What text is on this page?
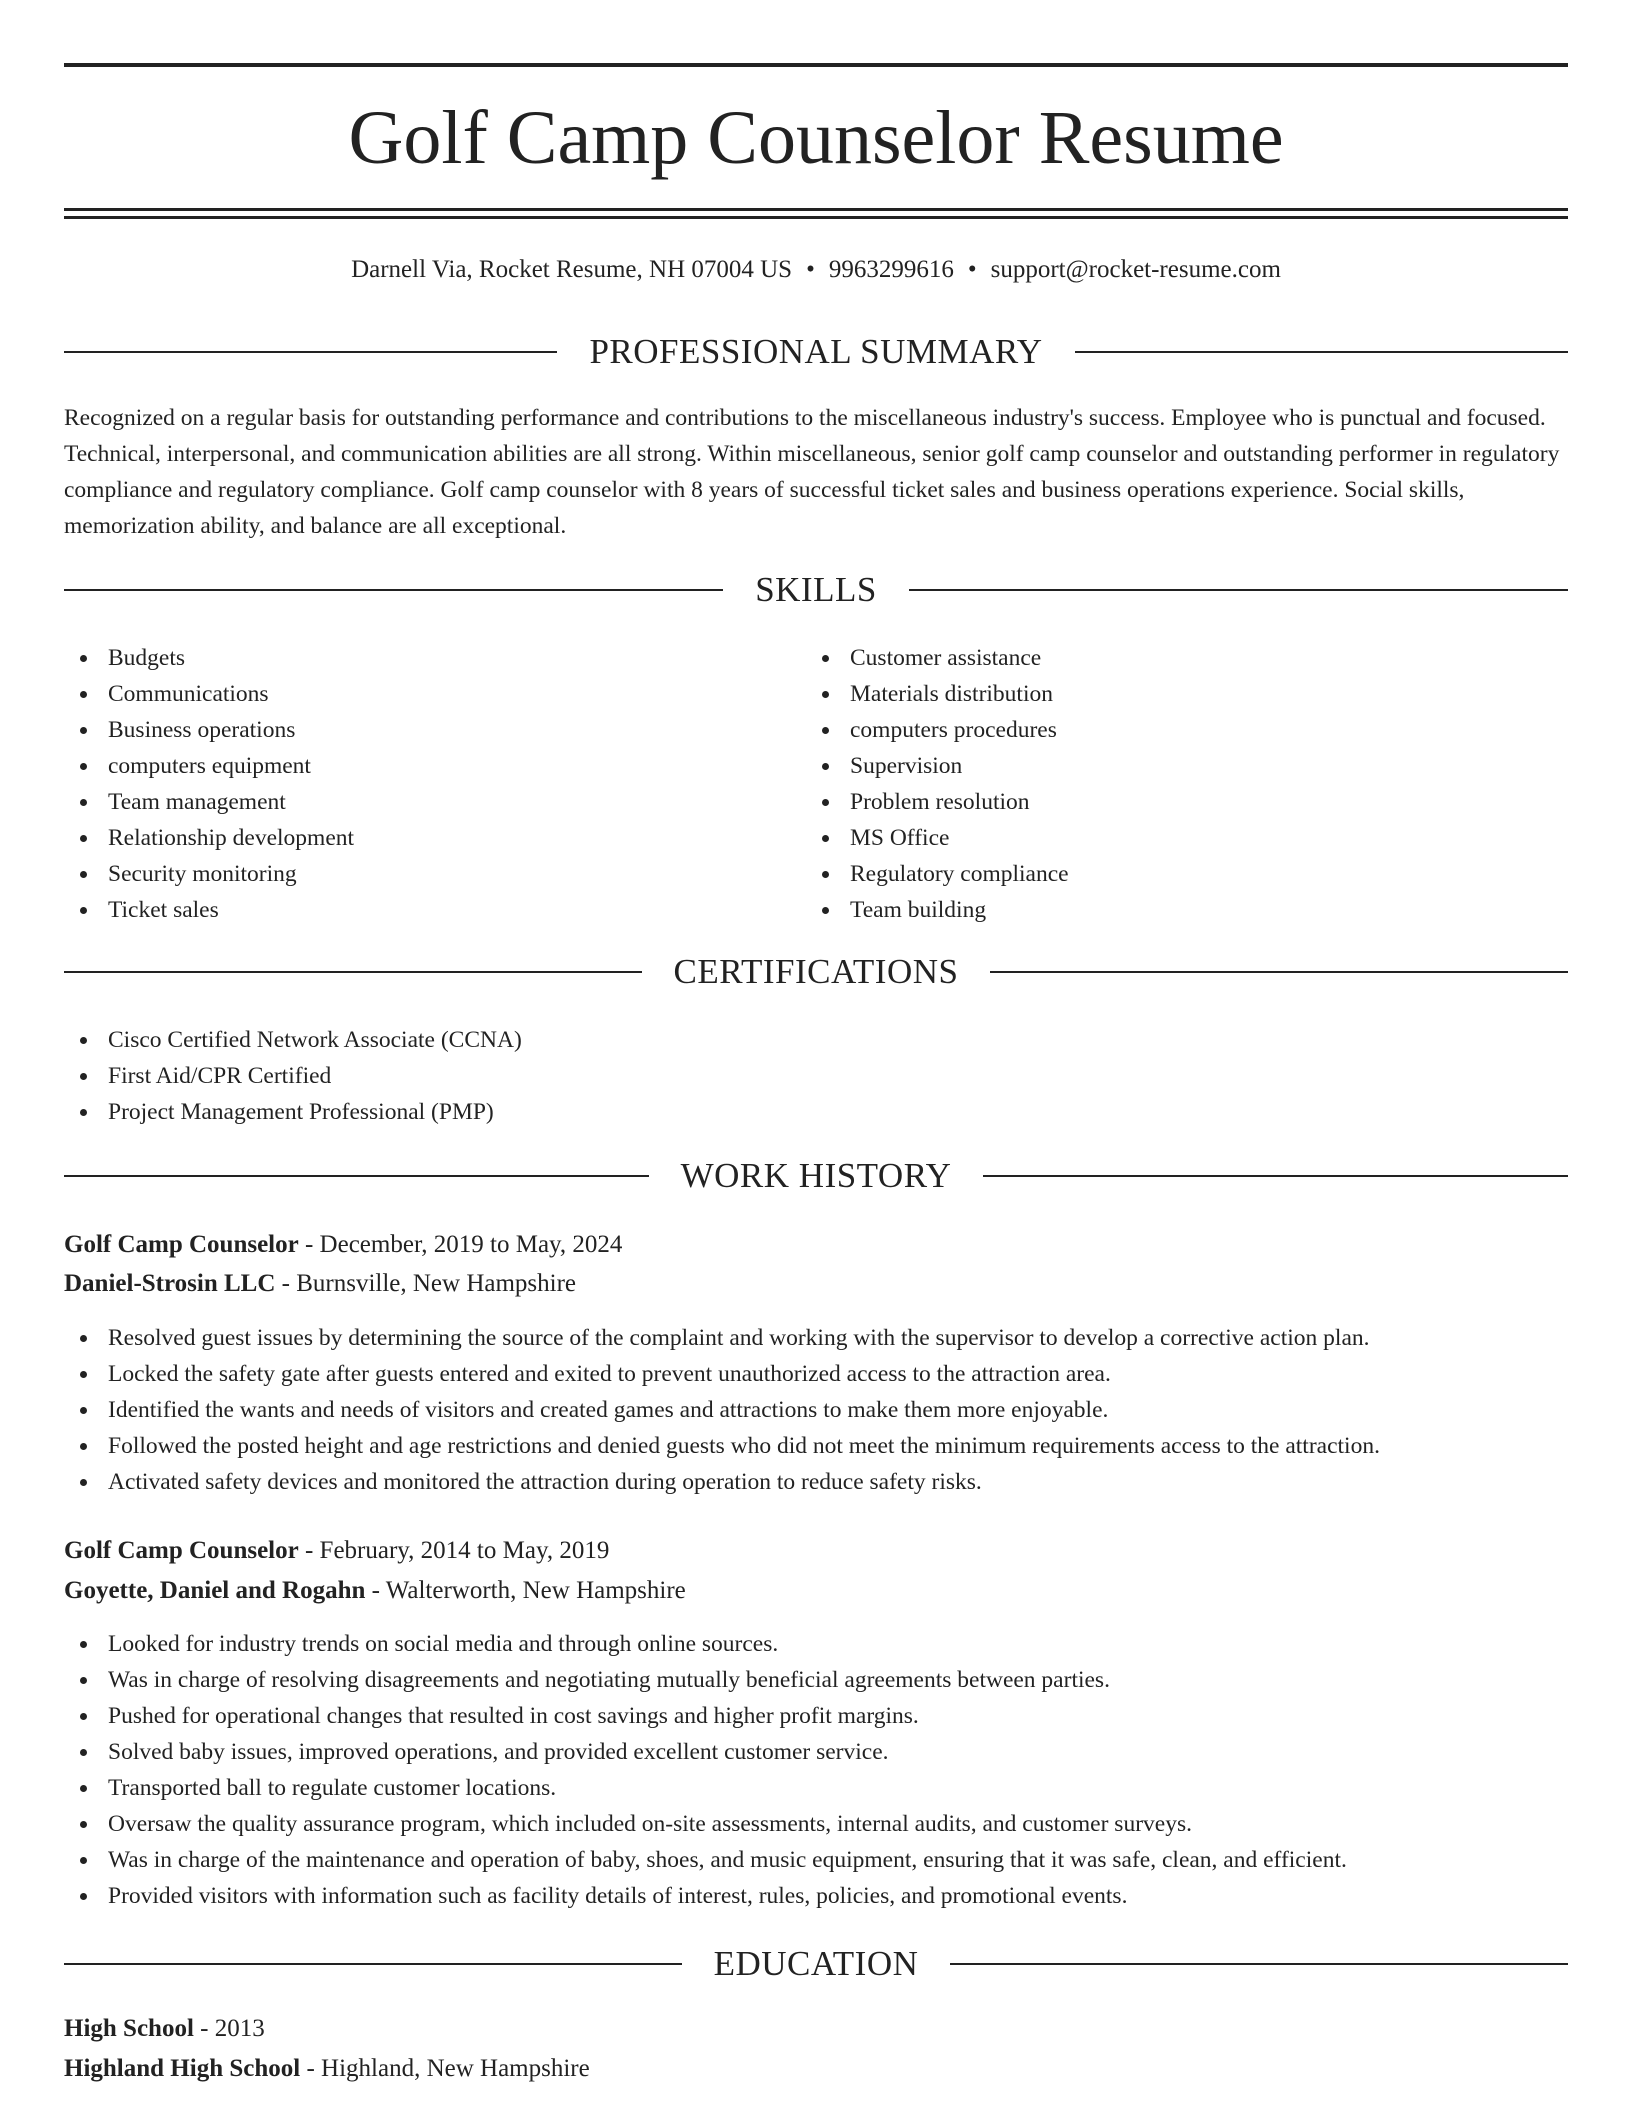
Golf Camp Counselor Resume
Darnell Via, Rocket Resume, NH 07004 US • 9963299616 • support@rocket-resume.com
PROFESSIONAL SUMMARY
Recognized on a regular basis for outstanding performance and contributions to the miscellaneous industry's success. Employee who is punctual and focused. Technical, interpersonal, and communication abilities are all strong. Within miscellaneous, senior golf camp counselor and outstanding performer in regulatory compliance and regulatory compliance. Golf camp counselor with 8 years of successful ticket sales and business operations experience. Social skills, memorization ability, and balance are all exceptional.
SKILLS
Budgets
Communications
Business operations
computers equipment
Team management
Relationship development
Security monitoring
Ticket sales
Customer assistance
Materials distribution
computers procedures
Supervision
Problem resolution
MS Office
Regulatory compliance
Team building
CERTIFICATIONS
Cisco Certified Network Associate (CCNA)
First Aid/CPR Certified
Project Management Professional (PMP)
WORK HISTORY
Golf Camp Counselor - December, 2019 to May, 2024
Daniel-Strosin LLC - Burnsville, New Hampshire
Resolved guest issues by determining the source of the complaint and working with the supervisor to develop a corrective action plan.
Locked the safety gate after guests entered and exited to prevent unauthorized access to the attraction area.
Identified the wants and needs of visitors and created games and attractions to make them more enjoyable.
Followed the posted height and age restrictions and denied guests who did not meet the minimum requirements access to the attraction.
Activated safety devices and monitored the attraction during operation to reduce safety risks.
Golf Camp Counselor - February, 2014 to May, 2019
Goyette, Daniel and Rogahn - Walterworth, New Hampshire
Looked for industry trends on social media and through online sources.
Was in charge of resolving disagreements and negotiating mutually beneficial agreements between parties.
Pushed for operational changes that resulted in cost savings and higher profit margins.
Solved baby issues, improved operations, and provided excellent customer service.
Transported ball to regulate customer locations.
Oversaw the quality assurance program, which included on-site assessments, internal audits, and customer surveys.
Was in charge of the maintenance and operation of baby, shoes, and music equipment, ensuring that it was safe, clean, and efficient.
Provided visitors with information such as facility details of interest, rules, policies, and promotional events.
EDUCATION
High School - 2013
Highland High School - Highland, New Hampshire
